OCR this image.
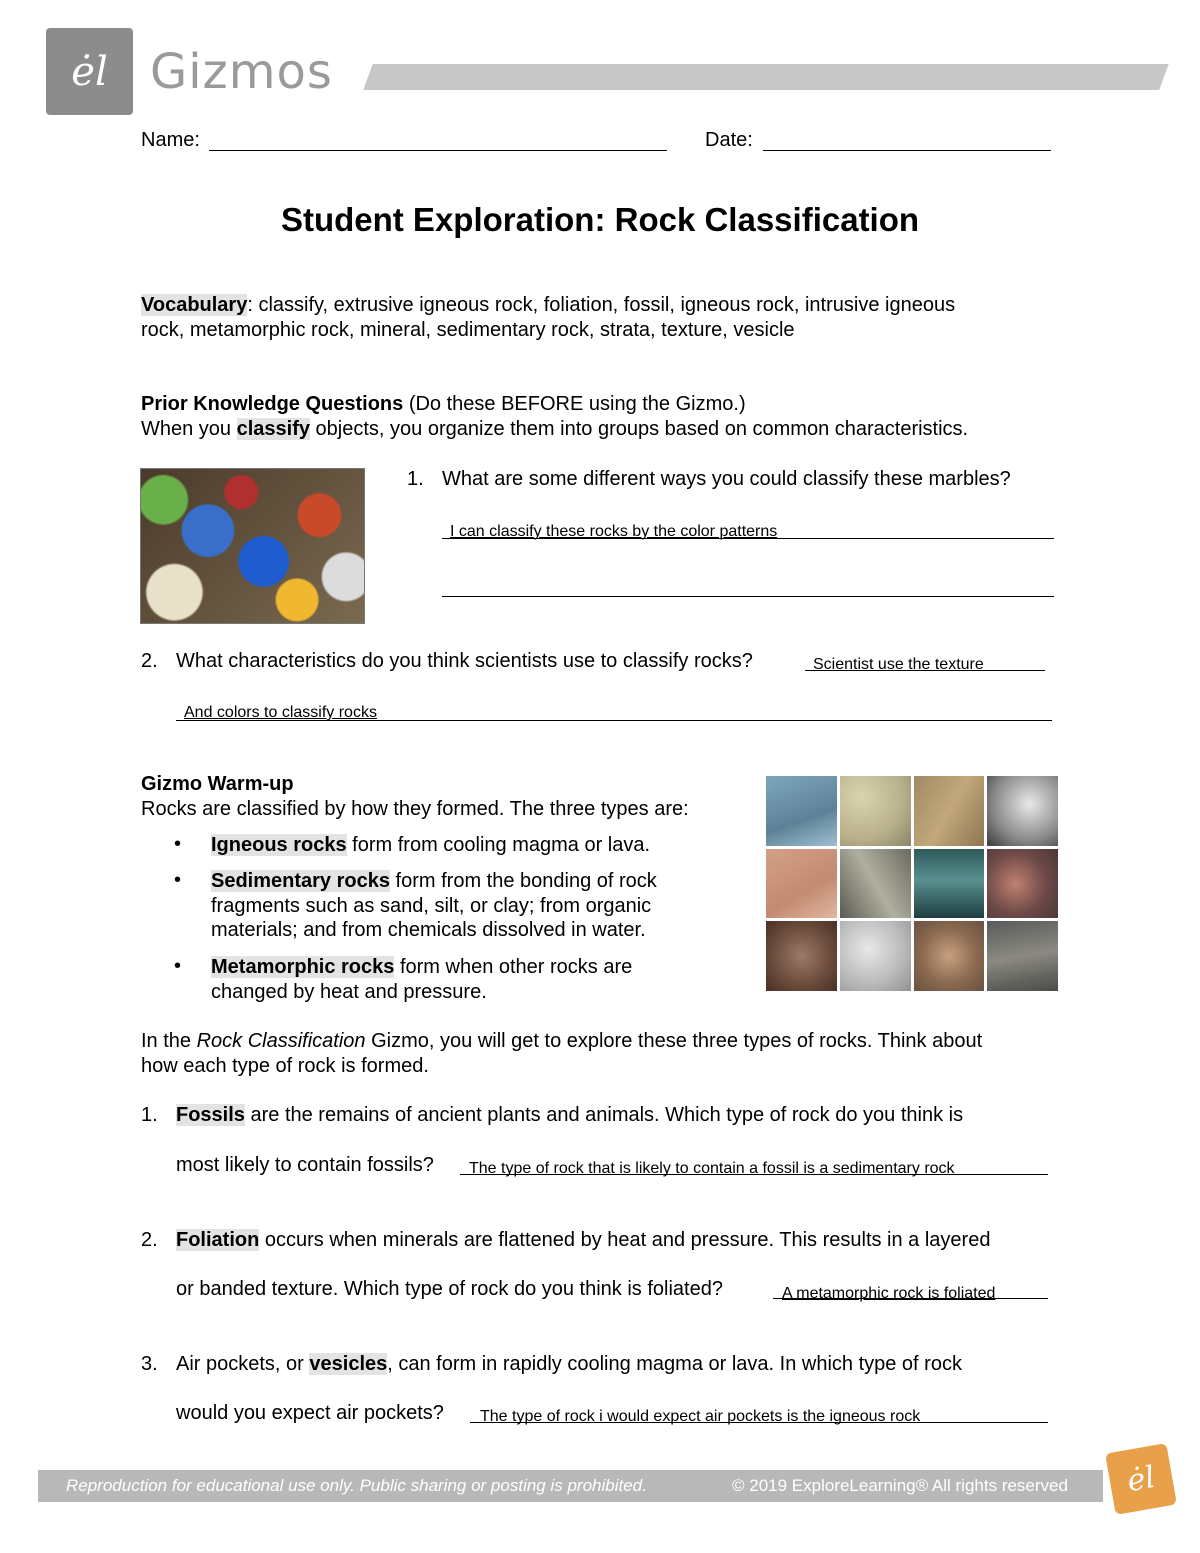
ėl Gizmos
Name:	Date:
Student Exploration: Rock Classification
Vocabulary: classify, extrusive igneous rock, foliation, fossil, igneous rock, intrusive igneous
rock, metamorphic rock, mineral, sedimentary rock, strata, texture, vesicle
Prior Knowledge Questions (Do these BEFORE using the Gizmo.)
When you classify objects, you organize them into groups based on common characteristics.
1. What are some different ways you could classify these marbles?
I can classify these rocks by the color patterns
2. What characteristics do you think scientists use to classify rocks?	Scientist use the texture
And colors to classify rocks
Gizmo Warm-up
Rocks are classified by how they formed. The three types are:
• Igneous rocks form from cooling magma or lava.
• Sedimentary rocks form from the bonding of rock
fragments such as sand, silt, or clay; from organic
materials; and from chemicals dissolved in water.
• Metamorphic rocks form when other rocks are
changed by heat and pressure.
In the Rock Classification Gizmo, you will get to explore these three types of rocks. Think about
how each type of rock is formed.
1. Fossils are the remains of ancient plants and animals. Which type of rock do you think is
most likely to contain fossils? The type of rock that is likely to contain a fossil is a sedimentary rock
2. Foliation occurs when minerals are flattened by heat and pressure. This results in a layered
or banded texture. Which type of rock do you think is foliated?	A metamorphic rock is foliated
3. Air pockets, or vesicles, can form in rapidly cooling magma or lava. In which type of rock
would you expect air pockets? The type of rock i would expect air pockets is the igneous rock
Reproduction for educational use only. Public sharing or posting is prohibited.	© 2019 ExploreLearning® All rights reserved	ėl
